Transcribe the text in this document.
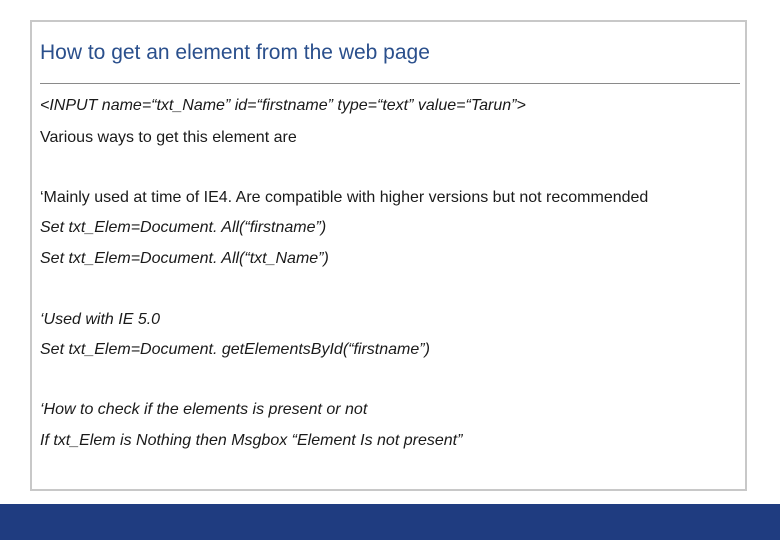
How to get an element from the web page
<INPUT name=“txt_Name” id=“firstname” type=“text” value=“Tarun”>
Various ways to get this element are
‘Mainly used at time of IE4. Are compatible with higher versions but not recommended
Set txt_Elem=Document. All(“firstname”)
Set txt_Elem=Document. All(“txt_Name”)
‘Used with IE 5.0
Set txt_Elem=Document. getElementsById(“firstname”)
‘How to check if the elements is present or not
If txt_Elem is Nothing then Msgbox “Element Is not present”
